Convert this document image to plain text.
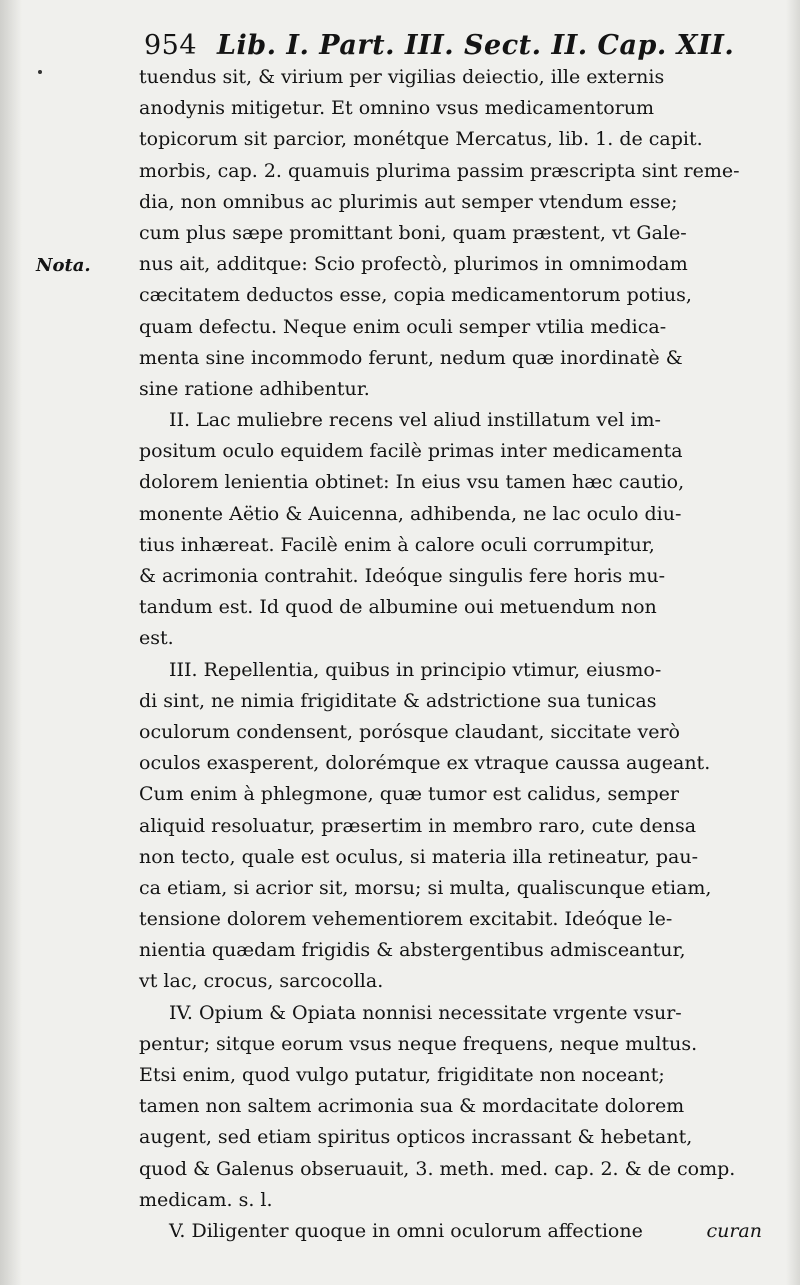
954 Lib. I. Part. III. Sect. II. Cap. XII.
Nota.
tuendus sit, & virium per vigilias deiectio, ille externis
anodynis mitigetur. Et omnino vsus medicamentorum
topicorum sit parcior, monétque Mercatus, lib. 1. de capit.
morbis, cap. 2. quamuis plurima passim præscripta sint reme-
dia, non omnibus ac plurimis aut semper vtendum esse;
cum plus sæpe promittant boni, quam præstent, vt Gale-
nus ait, additque: Scio profectò, plurimos in omnimodam
cæcitatem deductos esse, copia medicamentorum potius,
quam defectu. Neque enim oculi semper vtilia medica-
menta sine incommodo ferunt, nedum quæ inordinatè &
sine ratione adhibentur.
II. Lac muliebre recens vel aliud instillatum vel im-
positum oculo equidem facilè primas inter medicamenta
dolorem lenientia obtinet: In eius vsu tamen hæc cautio,
monente Aëtio & Auicenna, adhibenda, ne lac oculo diu-
tius inhæreat. Facilè enim à calore oculi corrumpitur,
& acrimonia contrahit. Ideóque singulis fere horis mu-
tandum est. Id quod de albumine oui metuendum non
est.
III. Repellentia, quibus in principio vtimur, eiusmo-
di sint, ne nimia frigiditate & adstrictione sua tunicas
oculorum condensent, porósque claudant, siccitate verò
oculos exasperent, dolorémque ex vtraque caussa augeant.
Cum enim à phlegmone, quæ tumor est calidus, semper
aliquid resoluatur, præsertim in membro raro, cute densa
non tecto, quale est oculus, si materia illa retineatur, pau-
ca etiam, si acrior sit, morsu; si multa, qualiscunque etiam,
tensione dolorem vehementiorem excitabit. Ideóque le-
nientia quædam frigidis & abstergentibus admisceantur,
vt lac, crocus, sarcocolla.
IV. Opium & Opiata nonnisi necessitate vrgente vsur-
pentur; sitque eorum vsus neque frequens, neque multus.
Etsi enim, quod vulgo putatur, frigiditate non noceant;
tamen non saltem acrimonia sua & mordacitate dolorem
augent, sed etiam spiritus opticos incrassant & hebetant,
quod & Galenus obseruauit, 3. meth. med. cap. 2. & de comp.
medicam. s. l.
V. Diligenter quoque in omni oculorum affectione	curan
